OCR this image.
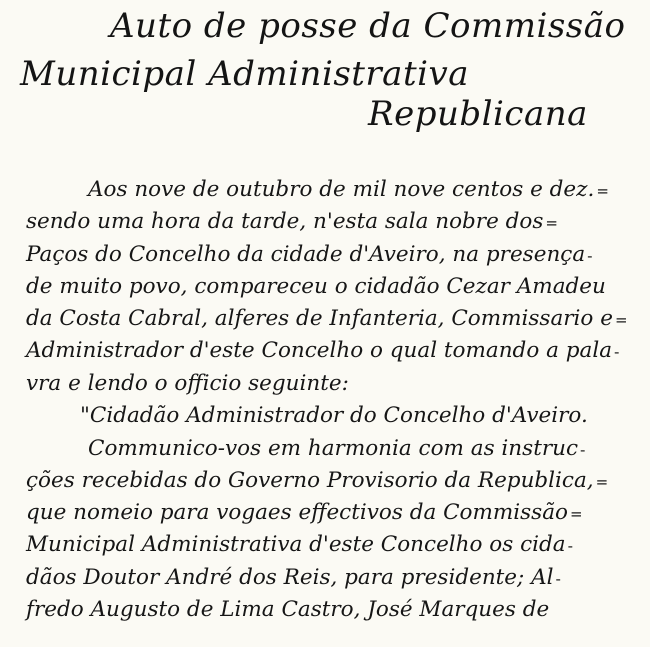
Auto de posse da Commissão
Municipal Administrativa
Republicana
Aos nove de outubro de mil nove centos e dez. =
sendo uma hora da tarde, n'esta sala nobre dos =
Paços do Concelho da cidade d'Aveiro, na presença -
de muito povo, compareceu o cidadão Cezar Amadeu
da Costa Cabral, alferes de Infanteria, Commissario e =
Administrador d'este Concelho o qual tomando a pala -
vra e lendo o officio seguinte:
"Cidadão Administrador do Concelho d'Aveiro.
Communico-vos em harmonia com as instruc -
ções recebidas do Governo Provisorio da Republica, =
que nomeio para vogaes effectivos da Commissão =
Municipal Administrativa d'este Concelho os cida -
dãos Doutor André dos Reis, para presidente; Al -
fredo Augusto de Lima Castro, José Marques de
